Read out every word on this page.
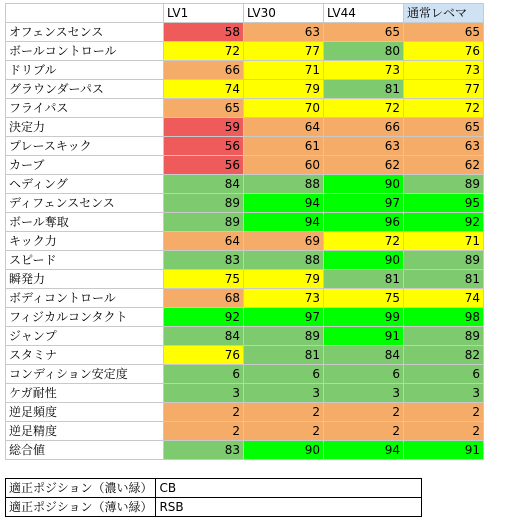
	LV1	LV30	LV44	通常レベマ
オフェンスセンス	58	63	65	65
ボールコントロール	72	77	80	76
ドリブル	66	71	73	73
グラウンダーパス	74	79	81	77
フライパス	65	70	72	72
決定力	59	64	66	65
プレースキック	56	61	63	63
カーブ	56	60	62	62
ヘディング	84	88	90	89
ディフェンスセンス	89	94	97	95
ボール奪取	89	94	96	92
キック力	64	69	72	71
スピード	83	88	90	89
瞬発力	75	79	81	81
ボディコントロール	68	73	75	74
フィジカルコンタクト	92	97	99	98
ジャンプ	84	89	91	89
スタミナ	76	81	84	82
コンディション安定度	6	6	6	6
ケガ耐性	3	3	3	3
逆足頻度	2	2	2	2
逆足精度	2	2	2	2
総合値	83	90	94	91
適正ポジション（濃い緑）	CB
適正ポジション（薄い緑）	RSB
